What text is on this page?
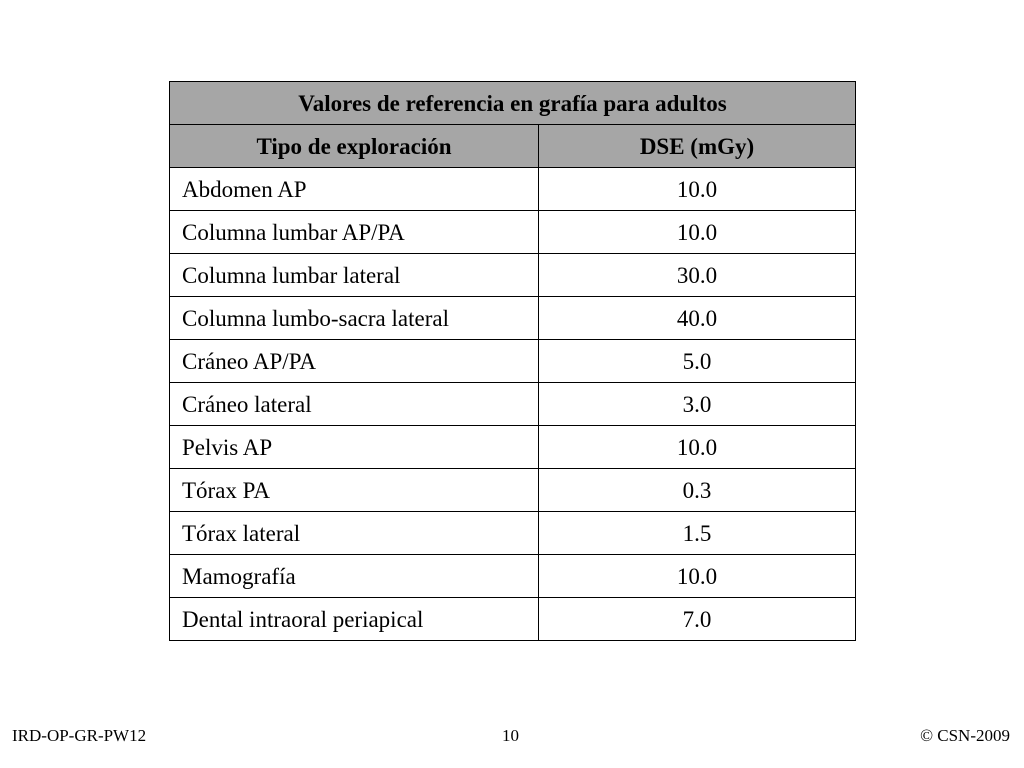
Valores de referencia en grafía para adultos	
Tipo de exploración	DSE (mGy)
Abdomen AP	10.0
Columna lumbar AP/PA	10.0
Columna lumbar lateral	30.0
Columna lumbo-sacra lateral	40.0
Cráneo AP/PA	5.0
Cráneo lateral	3.0
Pelvis AP	10.0
Tórax PA	0.3
Tórax lateral	1.5
Mamografía	10.0
Dental intraoral periapical	7.0
IRD-OP-GR-PW12	10	© CSN-2009
